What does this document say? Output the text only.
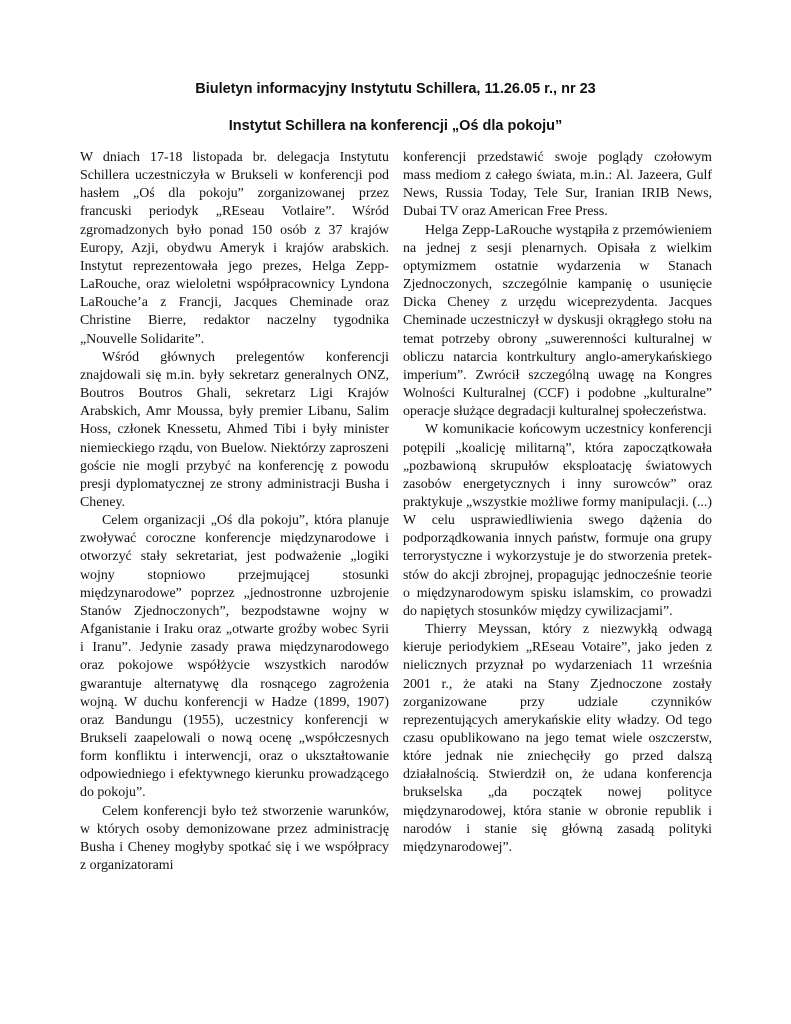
Biuletyn informacyjny Instytutu Schillera, 11.26.05 r., nr 23
Instytut Schillera na konferencji „Oś dla pokoju”

W dniach 17-18 listopada br. delegacja Instytutu Schillera uczestniczyła w Brukseli w konferencji pod hasłem „Oś dla pokoju” zorganizowanej przez francuski periodyk „REseau Votlaire”. Wśród zgromadzonych było ponad 150 osób z 37 krajów Europy, Azji, obydwu Ameryk i krajów arabskich. Instytut reprezentowała jego prezes, Helga Zepp-LaRouche, oraz wieloletni współpracownicy Lyndona LaRouche’a z Francji, Jacques Cheminade oraz Christine Bierre, redaktor naczelny tygodnika „Nouvelle Solidarite”.

Wśród głównych prelegentów konferencji znajdowali się m.in. były sekretarz generalnych ONZ, Boutros Boutros Ghali, sekretarz Ligi Krajów Arabskich, Amr Moussa, były premier Libanu, Salim Hoss, członek Knessetu, Ahmed Tibi i były minister niemieckiego rządu, von Buelow. Niektórzy zaproszeni goście nie mogli przybyć na konferencję z powodu presji dyplomatycznej ze strony administracji Busha i Cheney.

Celem organizacji „Oś dla pokoju”, która planuje zwoływać coroczne konferencje międzynarodowe i otworzyć stały sekretariat, jest podważenie „logiki wojny stopniowo przejmującej stosunki międzynarodowe” poprzez „jednostronne uzbrojenie Stanów Zjednoczonych”, bezpodstawne wojny w Afganistanie i Iraku oraz „otwarte groźby wobec Syrii i Iranu”. Jedynie zasady prawa międzynarodowego oraz pokojowe współżycie wszystkich narodów gwarantuje alternatywę dla rosnącego zagrożenia wojną. W duchu konferencji w Hadze (1899, 1907) oraz Bandungu (1955), uczestnicy konferencji w Brukseli zaapelowali o nową ocenę „współczesnych form konfliktu i interwencji, oraz o ukształtowanie odpowiedniego i efektywnego kierunku prowadzącego do pokoju”.

Celem konferencji było też stworzenie warunków, w których osoby demonizowane przez administrację Busha i Cheney mogłyby spotkać się i we współpracy z organizatorami

konferencji przedstawić swoje poglądy czołowym mass mediom z całego świata, m.in.: Al. Jazeera, Gulf News, Russia Today, Tele Sur, Iranian IRIB News, Dubai TV oraz American Free Press.

Helga Zepp-LaRouche wystąpiła z przemówieniem na jednej z sesji plenarnych. Opisała z wielkim optymizmem ostatnie wydarzenia w Stanach Zjednoczonych, szczególnie kampanię o usunięcie Dicka Cheney z urzędu wiceprezydenta. Jacques Cheminade uczestniczył w dyskusji okrągłego stołu na temat potrzeby obrony „suwerenności kulturalnej w obliczu natarcia kontrkultury anglo-amerykańskiego imperium”. Zwrócił szczególną uwagę na Kongres Wolności Kulturalnej (CCF) i podobne „kulturalne” operacje służące degradacji kulturalnej społeczeństwa.

W komunikacie końcowym uczestnicy konferencji potępili „koalicję militarną”, która zapoczątkowała „pozbawioną skrupułów eksploatację światowych zasobów energetycznych i inny surowców” oraz praktykuje „wszystkie możliwe formy manipulacji. (...) W celu usprawiedliwienia swego dążenia do podporządkowania innych państw, formuje ona grupy terrorystyczne i wykorzystuje je do stworzenia pretekstów do akcji zbrojnej, propagując jednocześnie teorie o międzynarodowym spisku islamskim, co prowadzi do napiętych stosunków między cywilizacjami”.

Thierry Meyssan, który z niezwykłą odwagą kieruje periodykiem „REseau Votaire”, jako jeden z nielicznych przyznał po wydarzeniach 11 września 2001 r., że ataki na Stany Zjednoczone zostały zorganizowane przy udziale czynników reprezentujących amerykańskie elity władzy. Od tego czasu opublikowano na jego temat wiele oszczerstw, które jednak nie zniechęciły go przed dalszą działalnością. Stwierdził on, że udana konferencja brukselska „da początek nowej polityce międzynarodowej, która stanie w obronie republik i narodów i stanie się główną zasadą polityki międzynarodowej”.
